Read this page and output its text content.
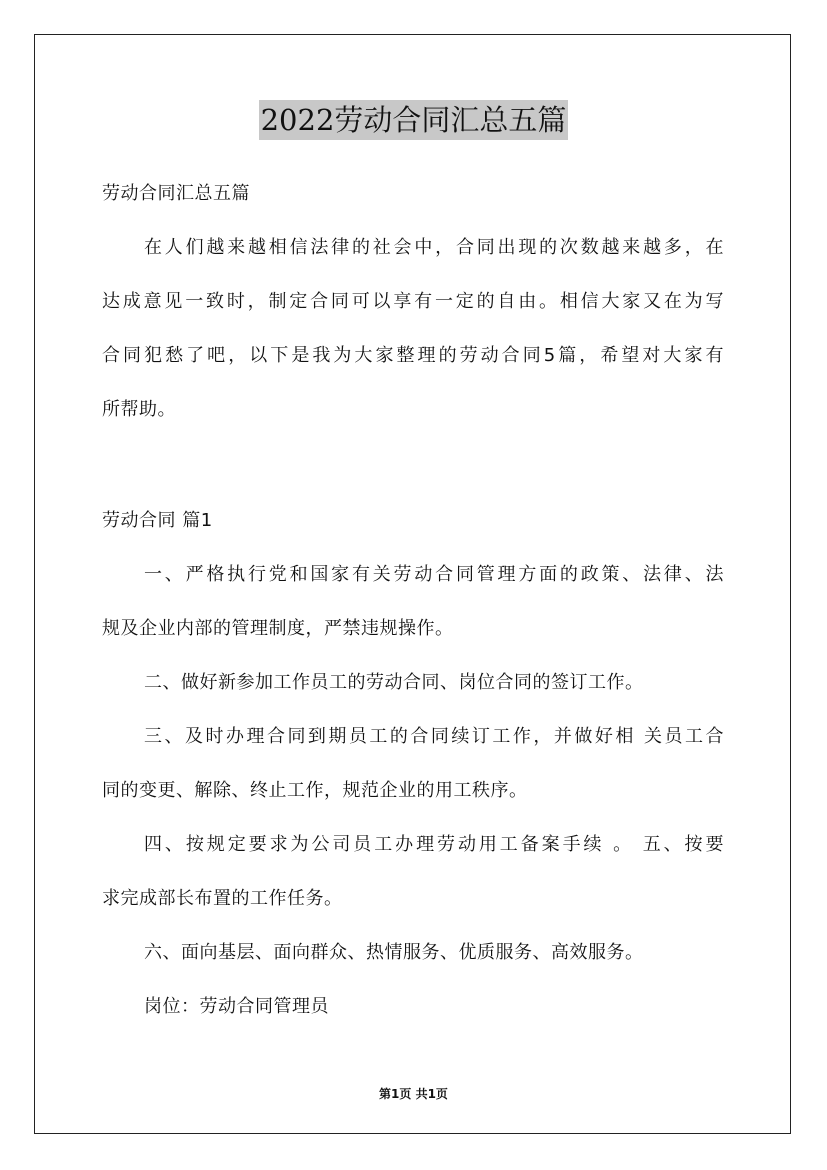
2022劳动合同汇总五篇
劳动合同汇总五篇
在人们越来越相信法律的社会中，合同出现的次数越来越多，在
达成意见一致时，制定合同可以享有一定的自由。相信大家又在为写
合同犯愁了吧，以下是我为大家整理的劳动合同5篇，希望对大家有
所帮助。
劳动合同 篇1
一、严格执行党和国家有关劳动合同管理方面的政策、法律、法
规及企业内部的管理制度，严禁违规操作。
二、做好新参加工作员工的劳动合同、岗位合同的签订工作。
三、及时办理合同到期员工的合同续订工作，并做好相 关员工合
同的变更、解除、终止工作，规范企业的用工秩序。
四、按规定要求为公司员工办理劳动用工备案手续 。 五、按要
求完成部长布置的工作任务。
六、面向基层、面向群众、热情服务、优质服务、高效服务。
岗位：劳动合同管理员
第1页 共1页
